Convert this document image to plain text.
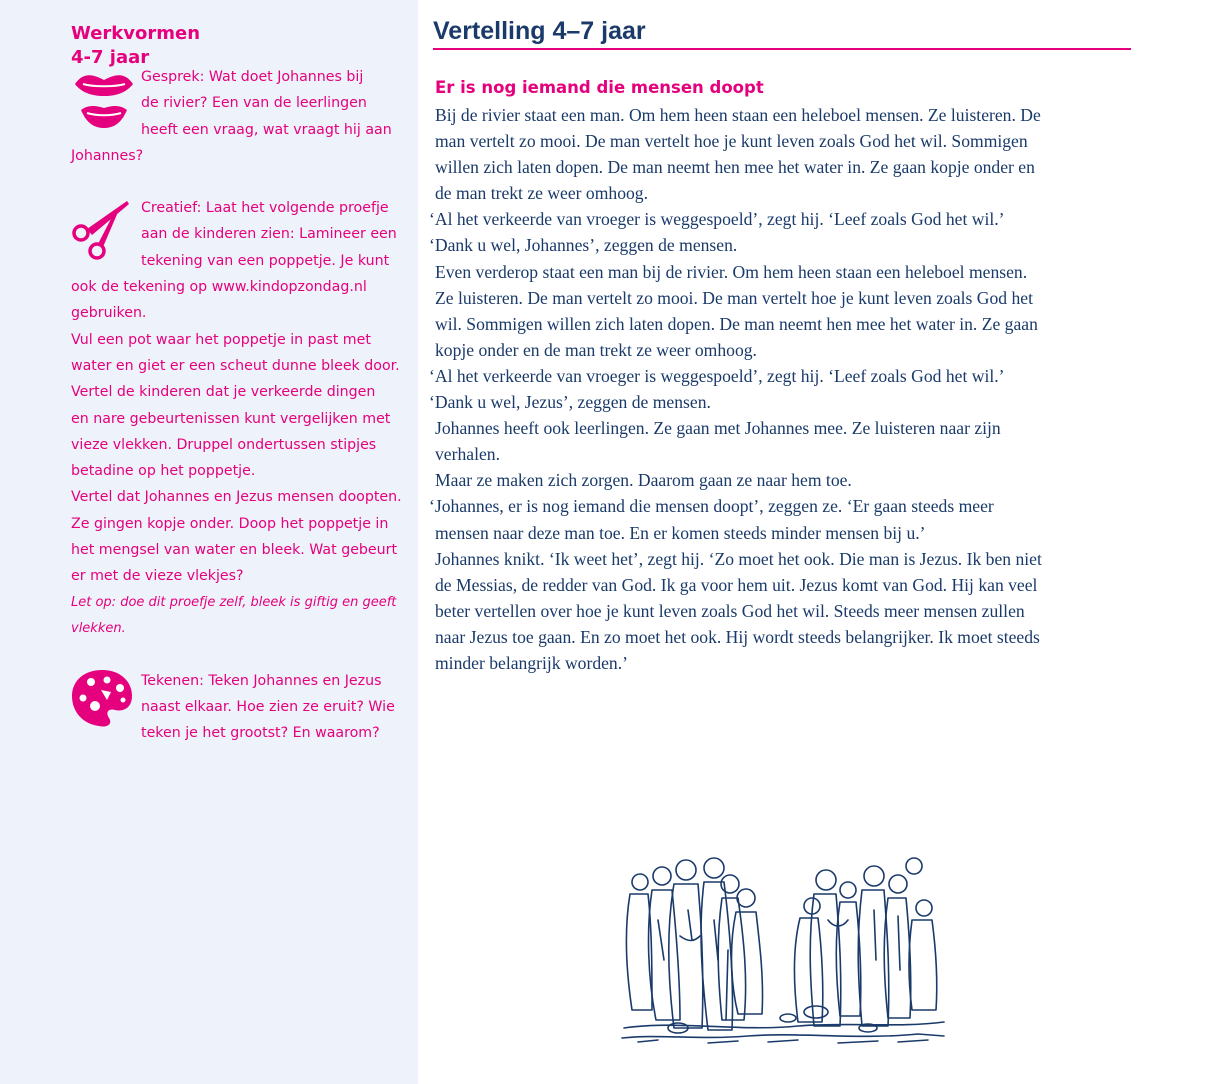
Werkvormen
4-7 jaar

Gesprek: Wat doet Johannes bij

de rivier? Een van de leerlingen

heeft een vraag, wat vraagt hij aan

Johannes?

Creatief: Laat het volgende proefje

aan de kinderen zien: Lamineer een

tekening van een poppetje. Je kunt

ook de tekening op www.kindopzondag.nl

gebruiken.

Vul een pot waar het poppetje in past met

water en giet er een scheut dunne bleek door.

Vertel de kinderen dat je verkeerde dingen

en nare gebeurtenissen kunt vergelijken met

vieze vlekken. Druppel ondertussen stipjes

betadine op het poppetje.

Vertel dat Johannes en Jezus mensen doopten.

Ze gingen kopje onder. Doop het poppetje in

het mengsel van water en bleek. Wat gebeurt

er met de vieze vlekjes?

Let op: doe dit proefje zelf, bleek is giftig en geeft

vlekken.

Tekenen: Teken Johannes en Jezus

naast elkaar. Hoe zien ze eruit? Wie

teken je het grootst? En waarom?

Vertelling 4–7 jaar
Er is nog iemand die mensen doopt

Bij de rivier staat een man. Om hem heen staan een heleboel mensen. Ze luisteren. De

man vertelt zo mooi. De man vertelt hoe je kunt leven zoals God het wil. Sommigen

willen zich laten dopen. De man neemt hen mee het water in. Ze gaan kopje onder en

de man trekt ze weer omhoog.

‘Al het verkeerde van vroeger is weggespoeld’, zegt hij. ‘Leef zoals God het wil.’

‘Dank u wel, Johannes’, zeggen de mensen.

Even verderop staat een man bij de rivier. Om hem heen staan een heleboel mensen.

Ze luisteren. De man vertelt zo mooi. De man vertelt hoe je kunt leven zoals God het

wil. Sommigen willen zich laten dopen. De man neemt hen mee het water in. Ze gaan

kopje onder en de man trekt ze weer omhoog.

‘Al het verkeerde van vroeger is weggespoeld’, zegt hij. ‘Leef zoals God het wil.’

‘Dank u wel, Jezus’, zeggen de mensen.

Johannes heeft ook leerlingen. Ze gaan met Johannes mee. Ze luisteren naar zijn

verhalen.

Maar ze maken zich zorgen. Daarom gaan ze naar hem toe.

‘Johannes, er is nog iemand die mensen doopt’, zeggen ze. ‘Er gaan steeds meer

mensen naar deze man toe. En er komen steeds minder mensen bij u.’

Johannes knikt. ‘Ik weet het’, zegt hij. ‘Zo moet het ook. Die man is Jezus. Ik ben niet

de Messias, de redder van God. Ik ga voor hem uit. Jezus komt van God. Hij kan veel

beter vertellen over hoe je kunt leven zoals God het wil. Steeds meer mensen zullen

naar Jezus toe gaan. En zo moet het ook. Hij wordt steeds belangrijker. Ik moet steeds

minder belangrijk worden.’
